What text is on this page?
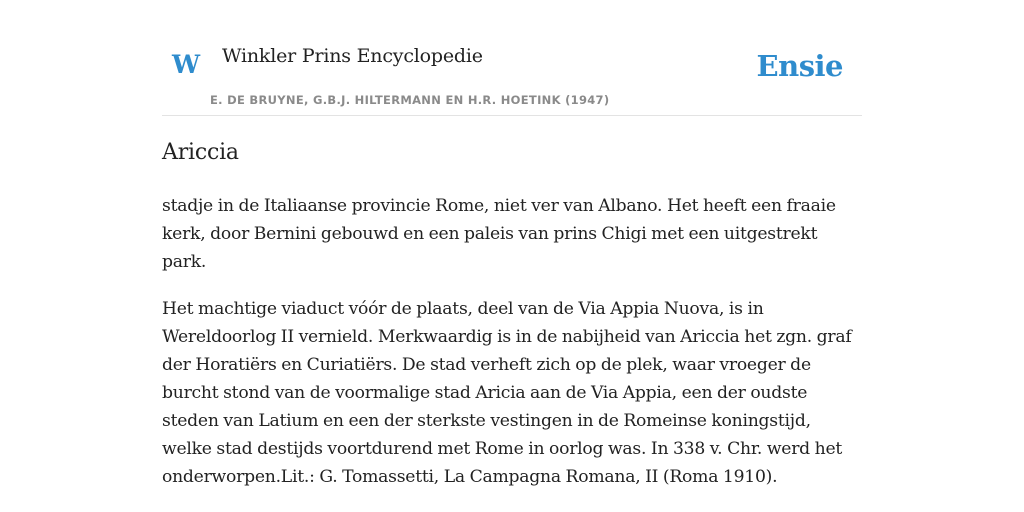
W Winkler Prins Encyclopedie
E. DE BRUYNE, G.B.J. HILTERMANN EN H.R. HOETINK (1947)
Ensie
Ariccia

stadje in de Italiaanse provincie Rome, niet ver van Albano. Het heeft een fraaie kerk, door Bernini gebouwd en een paleis van prins Chigi met een uitgestrekt park.

Het machtige viaduct vóór de plaats, deel van de Via Appia Nuova, is in Wereldoorlog II vernield. Merkwaardig is in de nabijheid van Ariccia het zgn. graf der Horatiërs en Curiatiërs. De stad verheft zich op de plek, waar vroeger de burcht stond van de voormalige stad Aricia aan de Via Appia, een der oudste steden van Latium en een der sterkste vestingen in de Romeinse koningstijd, welke stad destijds voortdurend met Rome in oorlog was. In 338 v. Chr. werd het onderworpen.Lit.: G. Tomassetti, La Campagna Romana, II (Roma 1910).
